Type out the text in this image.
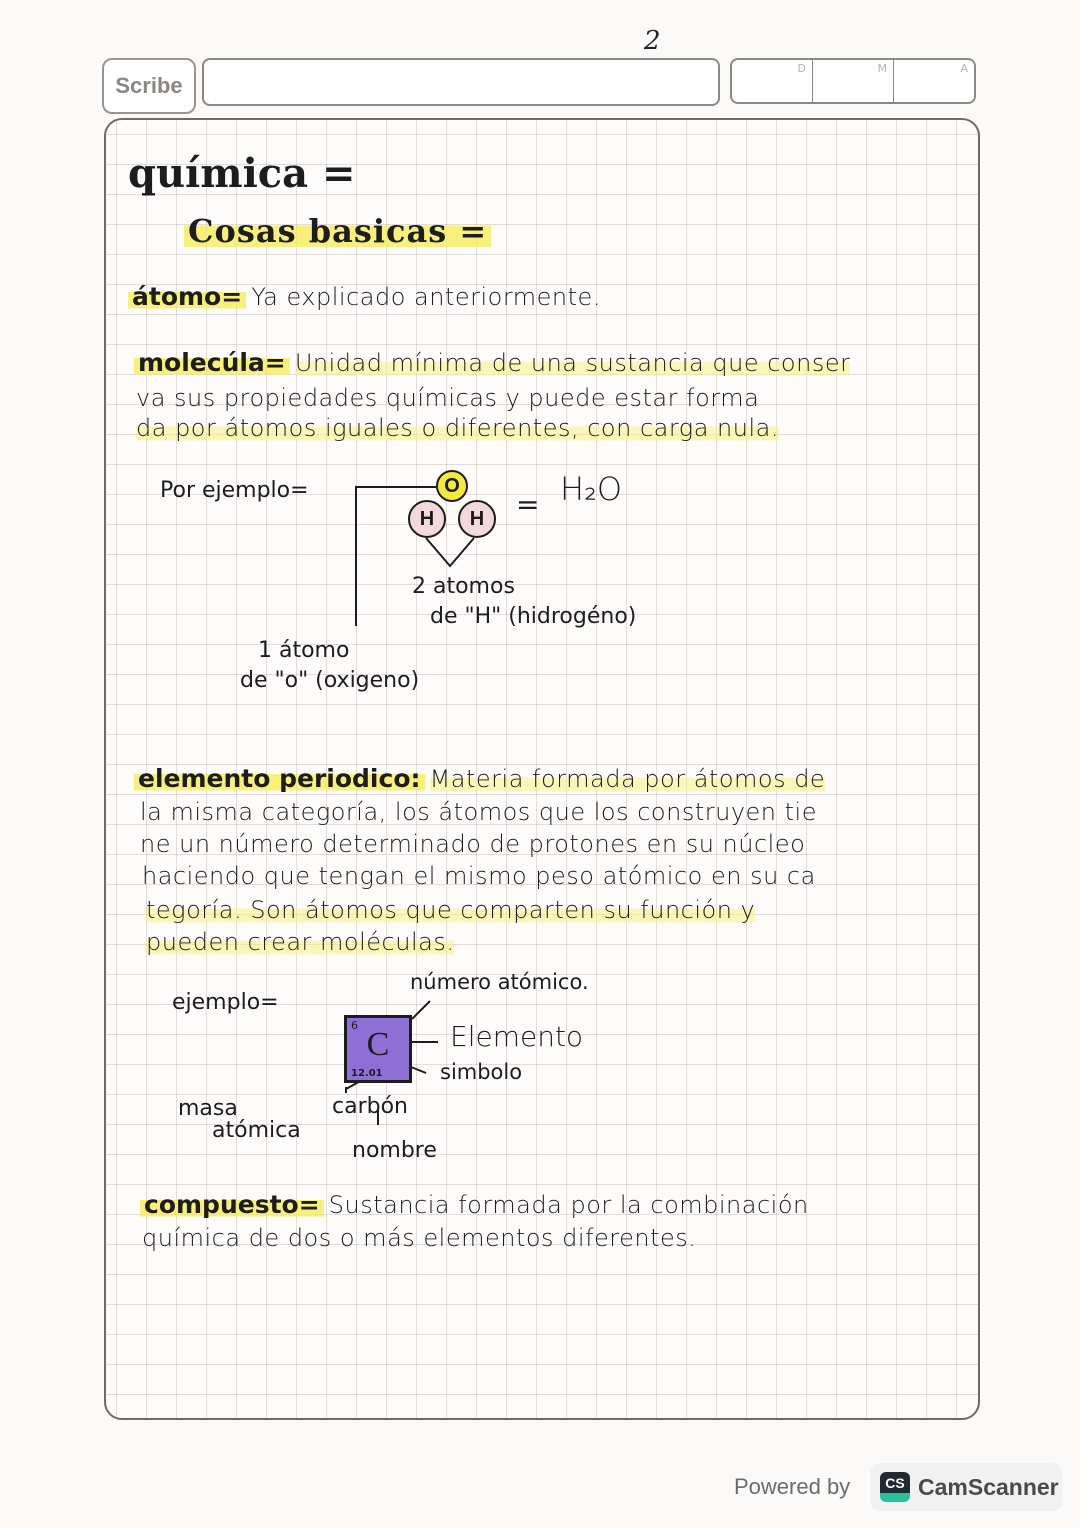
2
Scribe
D	M	A
química =
Cosas basicas =
átomo= Ya explicado anteriormente.
molecúla= Unidad mínima de una sustancia que conser
va sus propiedades químicas y puede estar forma
da por átomos iguales o diferentes, con carga nula.
Por ejemplo=	O
H	H	= H₂O
2 atomos
de "H" (hidrogéno)
1 átomo
de "o" (oxigeno)
elemento periodico: Materia formada por átomos de
la misma categoría, los átomos que los construyen tie
ne un número determinado de protones en su núcleo
haciendo que tengan el mismo peso atómico en su ca
tegoría. Son átomos que comparten su función y
pueden crear moléculas.
ejemplo=
número atómico.
6
C
12.01
Elemento
simbolo
masa
atómica
carbón
nombre
compuesto= Sustancia formada por la combinación
química de dos o más elementos diferentes.
Powered by	CS CamScanner
